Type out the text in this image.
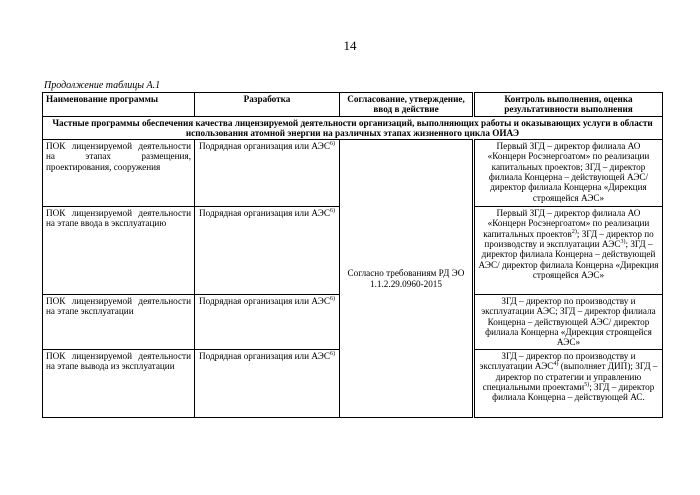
14
Продолжение таблицы А.1
Наименование программы	Разработка	Согласование, утверждение, ввод в действие	Контроль выполнения, оценка результативности выполнения
Частные программы обеспечения качества лицензируемой деятельности организаций, выполняющих работы и оказывающих услуги в области использования атомной энергии на различных этапах жизненного цикла ОИАЭ			
ПОК лицензируемой деятельности на этапах размещения, проектирования, сооружения	Подрядная организация или АЭС$^{6)}$	Согласно требованиям РД ЭО 1.1.2.29.0960-2015	Первый ЗГД – директор филиала АО «Концерн Росэнергоатом» по реализации капитальных проектов; ЗГД – директор филиала Концерна – действующей АЭС/ директор филиала Концерна «Дирекция строящейся АЭС»
ПОК лицензируемой деятельности на этапе ввода в эксплуатацию	Подрядная организация или АЭС$^{6)}$		Первый ЗГД – директор филиала АО «Концерн Росэнергоатом» по реализации капитальных проектов$^{2)}$; ЗГД – директор по производству и эксплуатации АЭС$^{3)}$; ЗГД – директор филиала Концерна – действующей АЭС/ директор филиала Концерна «Дирекция строящейся АЭС»
ПОК лицензируемой деятельности на этапе эксплуатации	Подрядная организация или АЭС$^{6)}$		ЗГД – директор по производству и эксплуатации АЭС; ЗГД – директор филиала Концерна – действующей АЭС/ директор филиала Концерна «Дирекция строящейся АЭС»
ПОК лицензируемой деятельности на этапе вывода из эксплуатации	Подрядная организация или АЭС$^{6)}$		ЗГД – директор по производству и эксплуатации АЭС$^{4)}$ (выполняет ДИП); ЗГД – директор по стратегии и управлению специальными проектами$^{5)}$; ЗГД – директор филиала Концерна – действующей АС.
